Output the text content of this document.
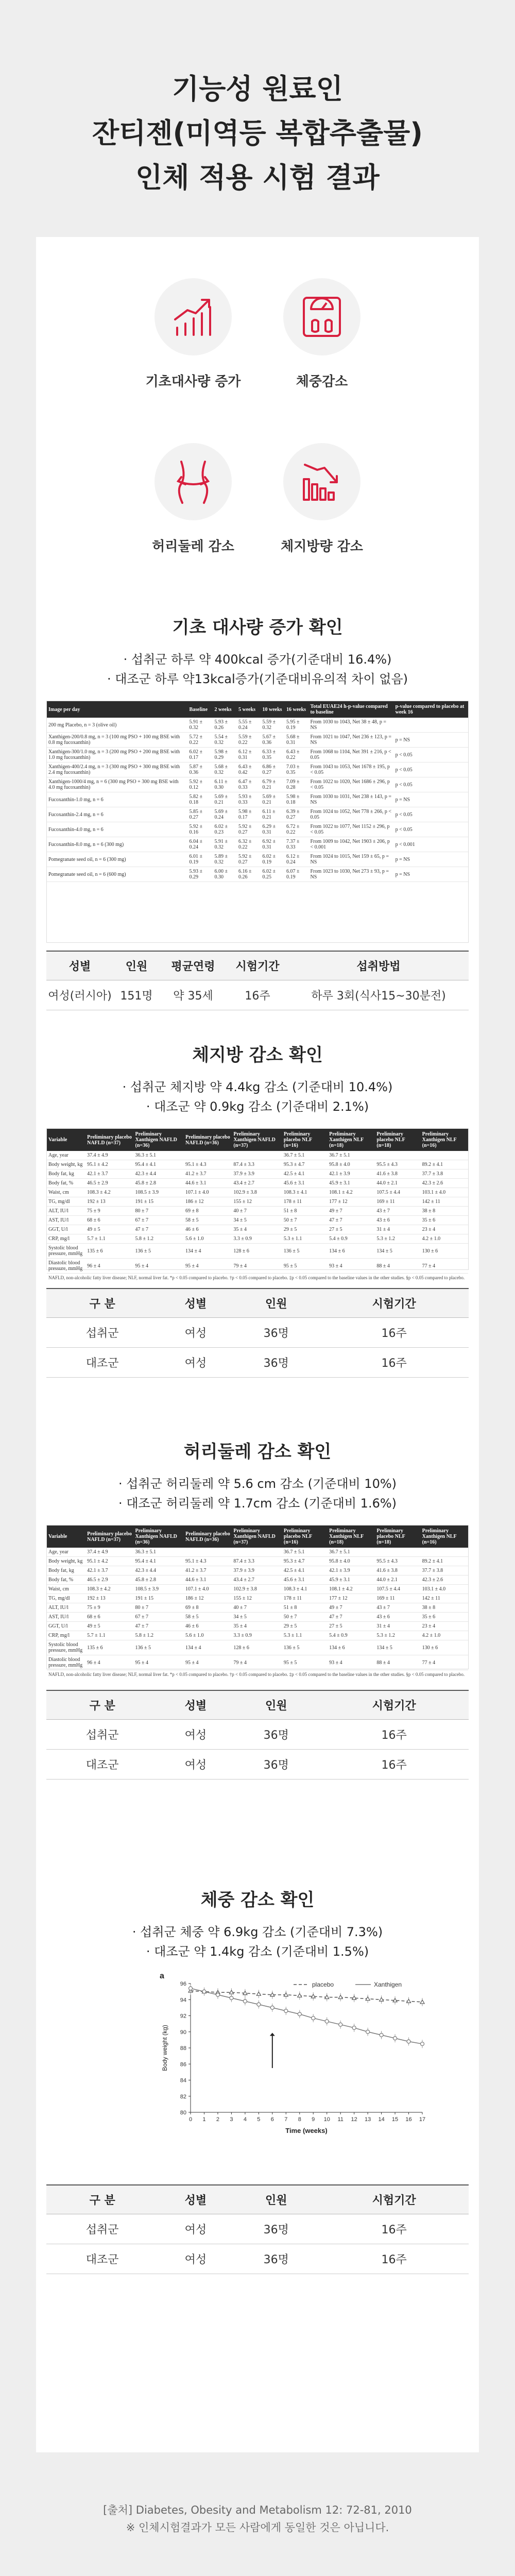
기능성 원료인
잔티젠(미역등 복합추출물)
인체 적용 시험 결과
기초대사량 증가	체중감소
허리둘레 감소	체지방량 감소
기초 대사량 증가 확인
· 섭취군 하루 약 400kcal 증가(기준대비 16.4%)
· 대조군 하루 약13kcal증가(기준대비유의적 차이 없음)
Image per day	Baseline	2 weeks	5 weeks	10 weeks	16 weeks	Total EUAE24 h-p-value compared to baseline	p-value compared to placebo at week 16
200 mg Placebo, n = 3 (olive oil)	5.91 ± 0.32	5.93 ± 0.26	5.55 ± 0.24	5.59 ± 0.32	5.95 ± 0.19	From 1030 to 1043, Net 38 ± 48, p = NS	
Xanthigen-200/0.8 mg, n = 3 (100 mg PSO + 100 mg BSE with 0.8 mg fucoxanthin)	5.72 ± 0.22	5.54 ± 0.32	5.59 ± 0.22	5.67 ± 0.36	5.68 ± 0.31	From 1021 to 1047, Net 236 ± 123, p = NS	p = NS
Xanthigen-300/1.0 mg, n = 3 (200 mg PSO + 200 mg BSE with 1.0 mg fucoxanthin)	6.02 ± 0.17	5.98 ± 0.29	6.12 ± 0.31	6.33 ± 0.35	6.43 ± 0.22	From 1068 to 1104, Net 391 ± 216, p < 0.05	p < 0.05
Xanthigen-400/2.4 mg, n = 3 (300 mg PSO + 300 mg BSE with 2.4 mg fucoxanthin)	5.87 ± 0.36	5.68 ± 0.32	6.43 ± 0.42	6.86 ± 0.27	7.03 ± 0.35	From 1043 to 1053, Net 1678 ± 195, p < 0.05	p < 0.05
Xanthigen-1000/4 mg, n = 6 (300 mg PSO + 300 mg BSE with 4.0 mg fucoxanthin)	5.92 ± 0.12	6.11 ± 0.30	6.47 ± 0.33	6.79 ± 0.21	7.09 ± 0.28	From 1022 to 1020, Net 1686 ± 296, p < 0.05	p < 0.05
Fucoxanthin-1.0 mg, n = 6	5.82 ± 0.18	5.69 ± 0.21	5.93 ± 0.33	5.69 ± 0.21	5.98 ± 0.18	From 1030 to 1031, Net 238 ± 143, p = NS	p = NS
Fucoxanthin-2.4 mg, n = 6	5.85 ± 0.27	5.69 ± 0.24	5.98 ± 0.17	6.11 ± 0.21	6.39 ± 0.27	From 1024 to 1052, Net 778 ± 266, p < 0.05	p < 0.05
Fucoxanthin-4.0 mg, n = 6	5.92 ± 0.16	6.02 ± 0.23	5.92 ± 0.27	6.29 ± 0.31	6.72 ± 0.22	From 1022 to 1077, Net 1152 ± 296, p < 0.05	p < 0.05
Fucoxanthin-8.0 mg, n = 6 (300 mg)	6.04 ± 0.24	5.91 ± 0.32	6.32 ± 0.22	6.92 ± 0.31	7.37 ± 0.33	From 1009 to 1042, Net 1903 ± 206, p < 0.001	p < 0.001
Pomegranate seed oil, n = 6 (300 mg)	6.01 ± 0.19	5.89 ± 0.32	5.92 ± 0.27	6.02 ± 0.19	6.12 ± 0.24	From 1024 to 1015, Net 159 ± 65, p = NS	p = NS
Pomegranate seed oil, n = 6 (600 mg)	5.93 ± 0.29	6.00 ± 0.30	6.16 ± 0.26	6.02 ± 0.25	6.07 ± 0.19	From 1023 to 1030, Net 273 ± 93, p = NS	p = NS
성별	인원	평균연령	시험기간	섭취방법
여성(러시아)	151명	약 35세	16주	하루 3회(식사15~30분전)
체지방 감소 확인
· 섭취군 체지방 약 4.4kg 감소 (기준대비 10.4%)
· 대조군 약 0.9kg 감소 (기준대비 2.1%)
Variable	Preliminary placebo NAFLD (n=37)	Preliminary Xanthigen NAFLD (n=36)	Preliminary placebo NAFLD (n=36)	Preliminary Xanthigen NAFLD (n=37)	Preliminary placebo NLF (n=16)	Preliminary Xanthigen NLF (n=18)	Preliminary placebo NLF (n=18)	Preliminary Xanthigen NLF (n=16)
Age, year	37.4 ± 4.9	36.3 ± 5.1			36.7 ± 5.1	36.7 ± 5.1		
Body weight, kg	95.1 ± 4.2	95.4 ± 4.1	95.1 ± 4.3	87.4 ± 3.3	95.3 ± 4.7	95.8 ± 4.0	95.5 ± 4.3	89.2 ± 4.1
Body fat, kg	42.1 ± 3.7	42.3 ± 4.4	41.2 ± 3.7	37.9 ± 3.9	42.5 ± 4.1	42.1 ± 3.9	41.6 ± 3.8	37.7 ± 3.8
Body fat, %	46.5 ± 2.9	45.8 ± 2.8	44.6 ± 3.1	43.4 ± 2.7	45.6 ± 3.1	45.9 ± 3.1	44.0 ± 2.1	42.3 ± 2.6
Waist, cm	108.3 ± 4.2	108.5 ± 3.9	107.1 ± 4.0	102.9 ± 3.8	108.3 ± 4.1	108.1 ± 4.2	107.5 ± 4.4	103.1 ± 4.0
TG, mg/dl	192 ± 13	191 ± 15	186 ± 12	155 ± 12	178 ± 11	177 ± 12	169 ± 11	142 ± 11
ALT, IU/l	75 ± 9	80 ± 7	69 ± 8	40 ± 7	51 ± 8	49 ± 7	43 ± 7	38 ± 8
AST, IU/l	68 ± 6	67 ± 7	58 ± 5	34 ± 5	50 ± 7	47 ± 7	43 ± 6	35 ± 6
GGT, U/l	49 ± 5	47 ± 7	46 ± 6	35 ± 4	29 ± 5	27 ± 5	31 ± 4	23 ± 4
CRP, mg/l	5.7 ± 1.1	5.8 ± 1.2	5.6 ± 1.0	3.3 ± 0.9	5.3 ± 1.1	5.4 ± 0.9	5.3 ± 1.2	4.2 ± 1.0
Systolic blood pressure, mmHg	135 ± 6	136 ± 5	134 ± 4	128 ± 6	136 ± 5	134 ± 6	134 ± 5	130 ± 6
Diastolic blood pressure, mmHg	96 ± 4	95 ± 4	95 ± 4	79 ± 4	95 ± 5	93 ± 4	88 ± 4	77 ± 4
NAFLD, non-alcoholic fatty liver disease; NLF, normal liver fat. *p < 0.05 compared to placebo. †p < 0.05 compared to placebo. ‡p < 0.05 compared to the baseline values in the other studies. §p < 0.05 compared to placebo.
구 분	성별	인원	시험기간
섭취군	여성	36명	16주
대조군	여성	36명	16주
허리둘레 감소 확인
· 섭취군 허리둘레 약 5.6 cm 감소 (기준대비 10%)
· 대조군 허리둘레 약 1.7cm 감소 (기준대비 1.6%)
Variable	Preliminary placebo NAFLD (n=37)	Preliminary Xanthigen NAFLD (n=36)	Preliminary placebo NAFLD (n=36)	Preliminary Xanthigen NAFLD (n=37)	Preliminary placebo NLF (n=16)	Preliminary Xanthigen NLF (n=18)	Preliminary placebo NLF (n=18)	Preliminary Xanthigen NLF (n=16)
Age, year	37.4 ± 4.9	36.3 ± 5.1			36.7 ± 5.1	36.7 ± 5.1		
Body weight, kg	95.1 ± 4.2	95.4 ± 4.1	95.1 ± 4.3	87.4 ± 3.3	95.3 ± 4.7	95.8 ± 4.0	95.5 ± 4.3	89.2 ± 4.1
Body fat, kg	42.1 ± 3.7	42.3 ± 4.4	41.2 ± 3.7	37.9 ± 3.9	42.5 ± 4.1	42.1 ± 3.9	41.6 ± 3.8	37.7 ± 3.8
Body fat, %	46.5 ± 2.9	45.8 ± 2.8	44.6 ± 3.1	43.4 ± 2.7	45.6 ± 3.1	45.9 ± 3.1	44.0 ± 2.1	42.3 ± 2.6
Waist, cm	108.3 ± 4.2	108.5 ± 3.9	107.1 ± 4.0	102.9 ± 3.8	108.3 ± 4.1	108.1 ± 4.2	107.5 ± 4.4	103.1 ± 4.0
TG, mg/dl	192 ± 13	191 ± 15	186 ± 12	155 ± 12	178 ± 11	177 ± 12	169 ± 11	142 ± 11
ALT, IU/l	75 ± 9	80 ± 7	69 ± 8	40 ± 7	51 ± 8	49 ± 7	43 ± 7	38 ± 8
AST, IU/l	68 ± 6	67 ± 7	58 ± 5	34 ± 5	50 ± 7	47 ± 7	43 ± 6	35 ± 6
GGT, U/l	49 ± 5	47 ± 7	46 ± 6	35 ± 4	29 ± 5	27 ± 5	31 ± 4	23 ± 4
CRP, mg/l	5.7 ± 1.1	5.8 ± 1.2	5.6 ± 1.0	3.3 ± 0.9	5.3 ± 1.1	5.4 ± 0.9	5.3 ± 1.2	4.2 ± 1.0
Systolic blood pressure, mmHg	135 ± 6	136 ± 5	134 ± 4	128 ± 6	136 ± 5	134 ± 6	134 ± 5	130 ± 6
Diastolic blood pressure, mmHg	96 ± 4	95 ± 4	95 ± 4	79 ± 4	95 ± 5	93 ± 4	88 ± 4	77 ± 4
NAFLD, non-alcoholic fatty liver disease; NLF, normal liver fat. *p < 0.05 compared to placebo. †p < 0.05 compared to placebo. ‡p < 0.05 compared to the baseline values in the other studies. §p < 0.05 compared to placebo.
구 분	성별	인원	시험기간
섭취군	여성	36명	16주
대조군	여성	36명	16주
체중 감소 확인
· 섭취군 체중 약 6.9kg 감소 (기준대비 7.3%)
· 대조군 약 1.4kg 감소 (기준대비 1.5%)
a
80
82
84
86
88
90
92
94
96
0 1 2 3 4 5 6 7 8 9 10 11 12 13 14 15 16 17
Time (weeks)
Body weight (kg)
placebo	Xanthigen
구 분	성별	인원	시험기간
섭취군	여성	36명	16주
대조군	여성	36명	16주
[출처] Diabetes, Obesity and Metabolism 12: 72-81, 2010
※ 인체시험결과가 모든 사람에게 동일한 것은 아닙니다.
